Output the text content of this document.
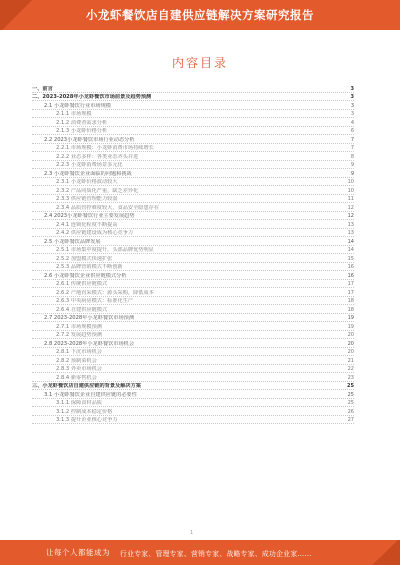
小龙虾餐饮店自建供应链解决方案研究报告
内容目录
一、前言	3
二、2023-2028年小龙虾餐饮市场前景及趋势预测	3
2.1 小龙虾餐饮行业市场规模	3
2.1.1 市场规模	3
2.1.2 消费者需求分析	4
2.1.3 小龙虾价格分析	6
2.2 2023小龙虾餐饮市场行业动态分析	7
2.2.1 市场规模：小龙虾消费市场持续增长	7
2.2.2 业态多样：各类业态齐头并进	8
2.2.3 小龙虾消费场景多元化	9
2.3 小龙虾餐饮企业面临的问题和挑战	9
2.3.1 小龙虾价格波动较大	10
2.3.2 产品同质化严重，缺乏差异化	10
2.3.3 供应链管理能力较弱	11
2.3.4 品质管控难度较大，食品安全隐患存在	12
2.4 2023小龙虾餐饮行业主要发展趋势	12
2.4.1 连锁化程度不断提高	13
2.4.2 供应链建设成为核心竞争力	13
2.5 小龙虾餐饮品牌发展	14
2.5.1 市场集中度提升，头部品牌优势明显	14
2.5.2 加盟模式快速扩张	15
2.5.3 品牌营销模式不断创新	16
2.6 小龙虾餐饮企业供应链模式分析	16
2.6.1 传统供应链模式	17
2.6.2 产地直采模式：源头采购，降低成本	17
2.6.3 中央厨房模式：标准化生产	18
2.6.4 自建供应链模式	18
2.7 2023-2028年小龙虾餐饮市场预测	19
2.7.1 市场规模预测	19
2.7.2 发展趋势预测	20
2.8 2023-2028年小龙虾餐饮市场机会	20
2.8.1 下沉市场机会	20
2.8.2 预制菜机会	21
2.8.3 外卖市场机会	22
2.8.4 新零售机会	23
三、小龙虾餐饮店自建供应链的背景及解决方案	25
3.1 小龙虾餐饮企业自建供应链的必要性	25
3.1.1 保障食材品质	25
3.1.2 控制成本稳定价格	26
3.1.3 提升企业核心竞争力	27
1
让每个人都能成为 行业专家、管理专家、营销专家、战略专家、成功企业家……
